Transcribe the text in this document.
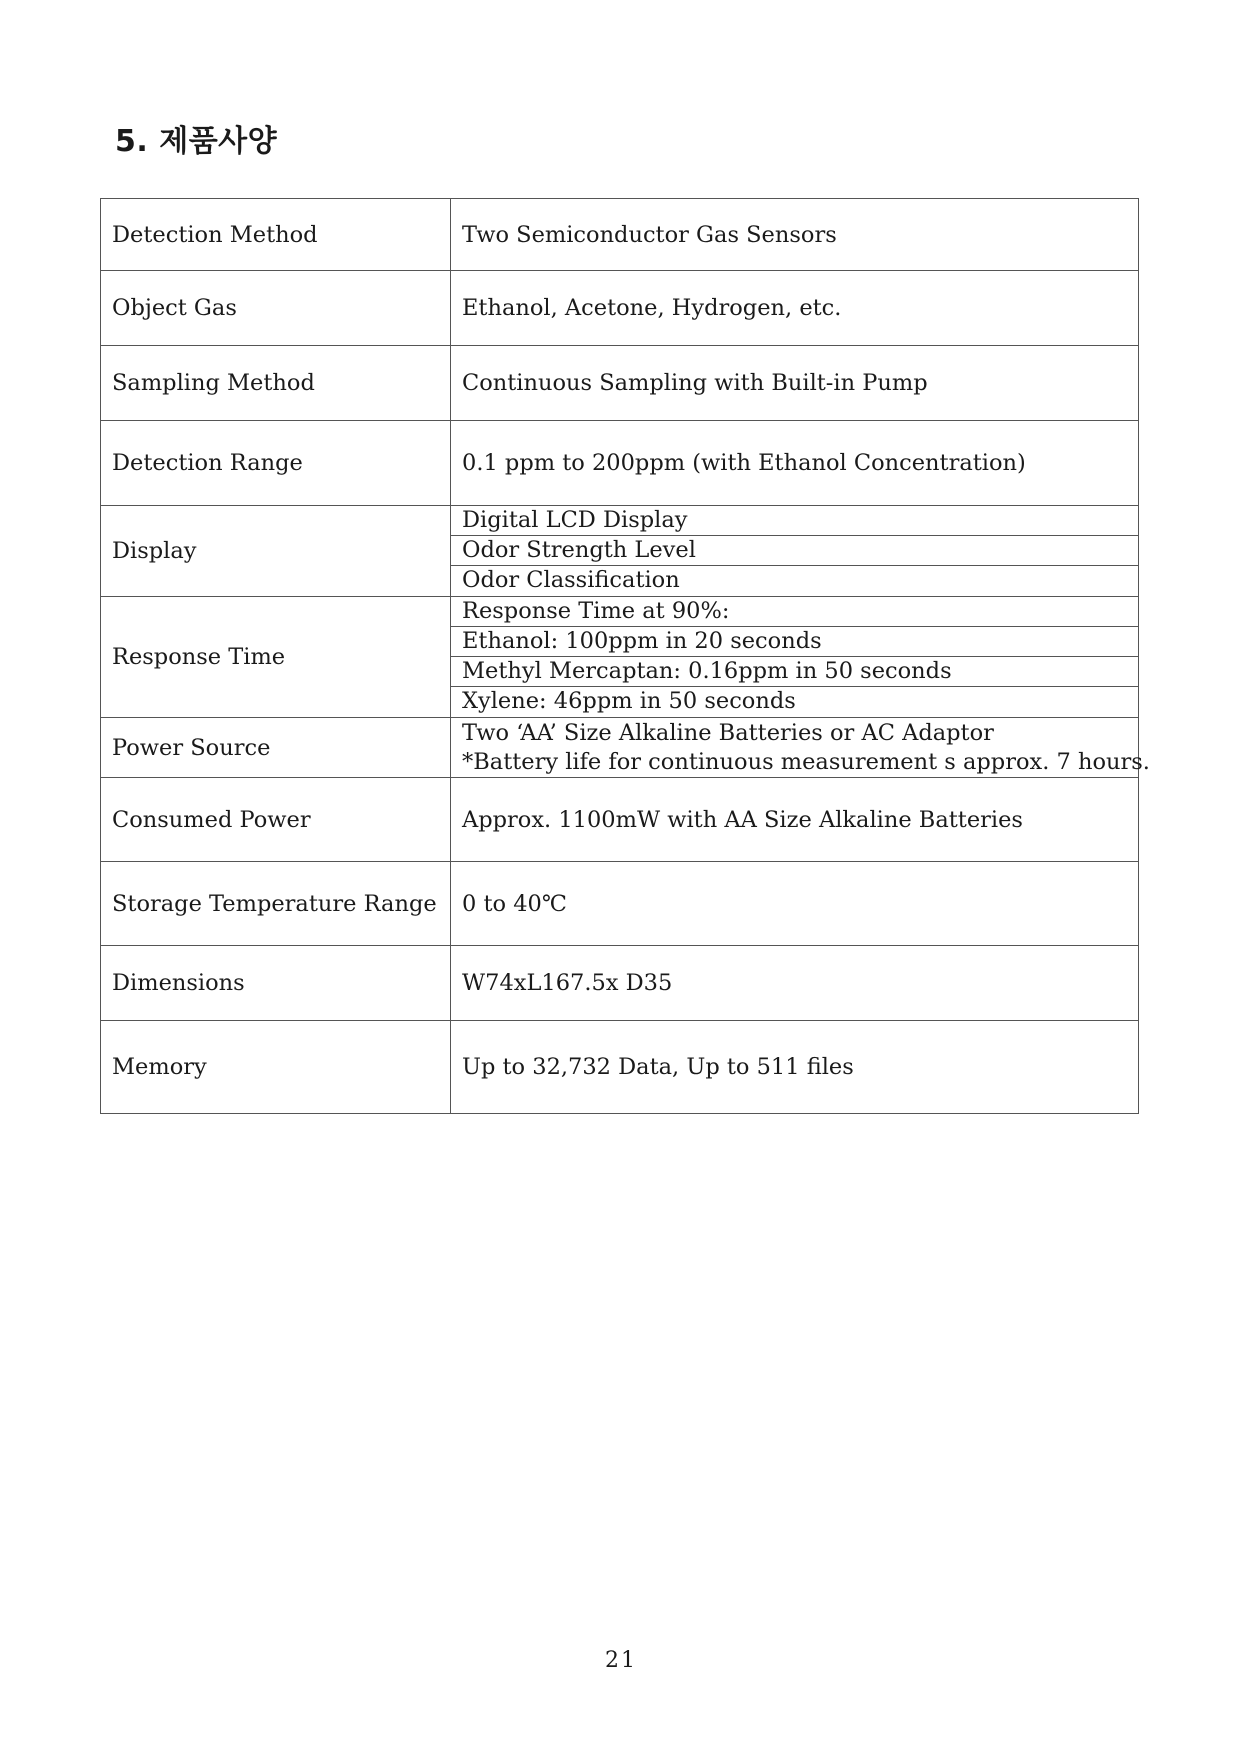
5. 제품사양
Detection Method	Two Semiconductor Gas Sensors
Object Gas	Ethanol, Acetone, Hydrogen, etc.
Sampling Method	Continuous Sampling with Built-in Pump
Detection Range	0.1 ppm to 200ppm (with Ethanol Concentration)
Display	Digital LCD Display
Odor Strength Level
Odor Classification

Response Time	Response Time at 90%:
Ethanol: 100ppm in 20 seconds
Methyl Mercaptan: 0.16ppm in 50 seconds
Xylene: 46ppm in 50 seconds

Power Source	Two ‘AA’ Size Alkaline Batteries or AC Adaptor
*Battery life for continuous measurement s approx. 7 hours.

Consumed Power	Approx. 1100mW with AA Size Alkaline Batteries
Storage Temperature Range	0 to 40℃
Dimensions	W74xL167.5x D35
Memory	Up to 32,732 Data, Up to 511 files
21
